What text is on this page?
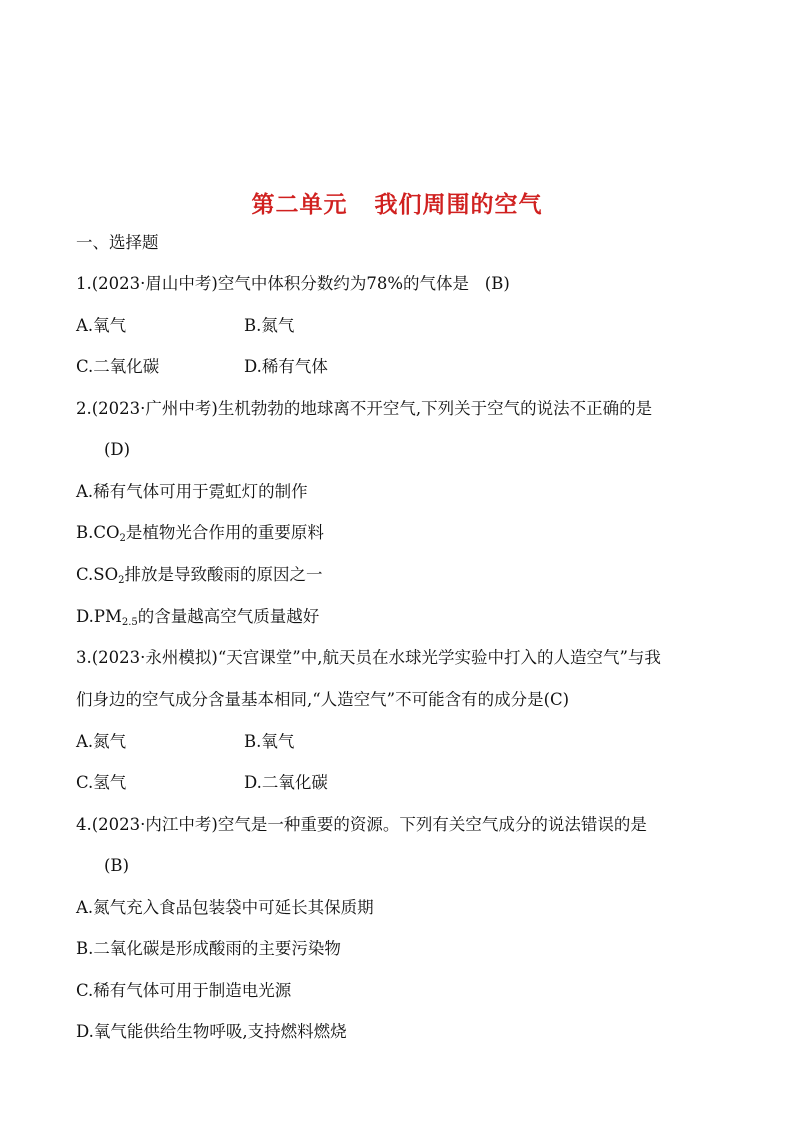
第二单元   我们周围的空气
一、选择题
1.(2023·眉山中考)空气中体积分数约为78%的气体是   (B)
A.氧气	B.氮气
C.二氧化碳	D.稀有气体
2.(2023·广州中考)生机勃勃的地球离不开空气,下列关于空气的说法不正确的是
(D)
A.稀有气体可用于霓虹灯的制作
$B.CO_2$是植物光合作用的重要原料
$C.SO_2$排放是导致酸雨的原因之一
$D.PM_{2.5}$的含量越高空气质量越好
3.(2023·永州模拟)“天宫课堂”中,航天员在水球光学实验中打入的人造空气”与我
们身边的空气成分含量基本相同,“人造空气”不可能含有的成分是(C)
A.氮气	B.氧气
C.氢气	D.二氧化碳
4.(2023·内江中考)空气是一种重要的资源。下列有关空气成分的说法错误的是
(B)
A.氮气充入食品包装袋中可延长其保质期
B.二氧化碳是形成酸雨的主要污染物
C.稀有气体可用于制造电光源
D.氧气能供给生物呼吸,支持燃料燃烧
